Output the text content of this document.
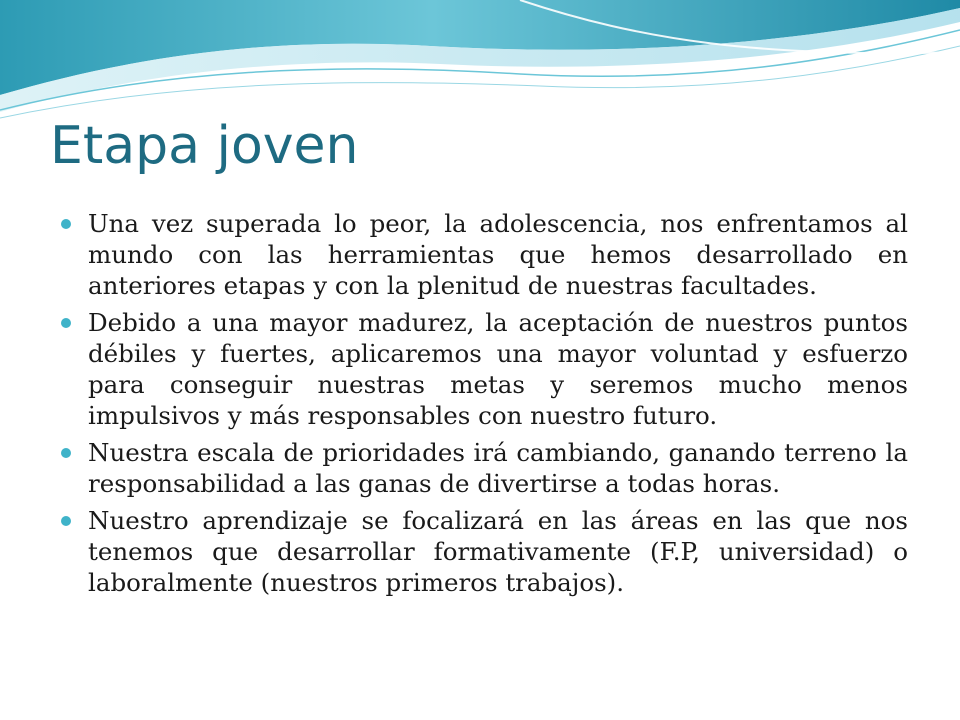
Etapa joven
Una vez superada lo peor, la adolescencia, nos enfrentamos al mundo con las herramientas que hemos desarrollado en anteriores etapas y con la plenitud de nuestras facultades.
Debido a una mayor madurez, la aceptación de nuestros puntos débiles y fuertes, aplicaremos una mayor voluntad y esfuerzo para conseguir nuestras metas y seremos mucho menos impulsivos y más responsables con nuestro futuro.
Nuestra escala de prioridades irá cambiando, ganando terreno la responsabilidad a las ganas de divertirse a todas horas.
Nuestro aprendizaje se focalizará en las áreas en las que nos tenemos que desarrollar formativamente (F.P, universidad) o laboralmente (nuestros primeros trabajos).
